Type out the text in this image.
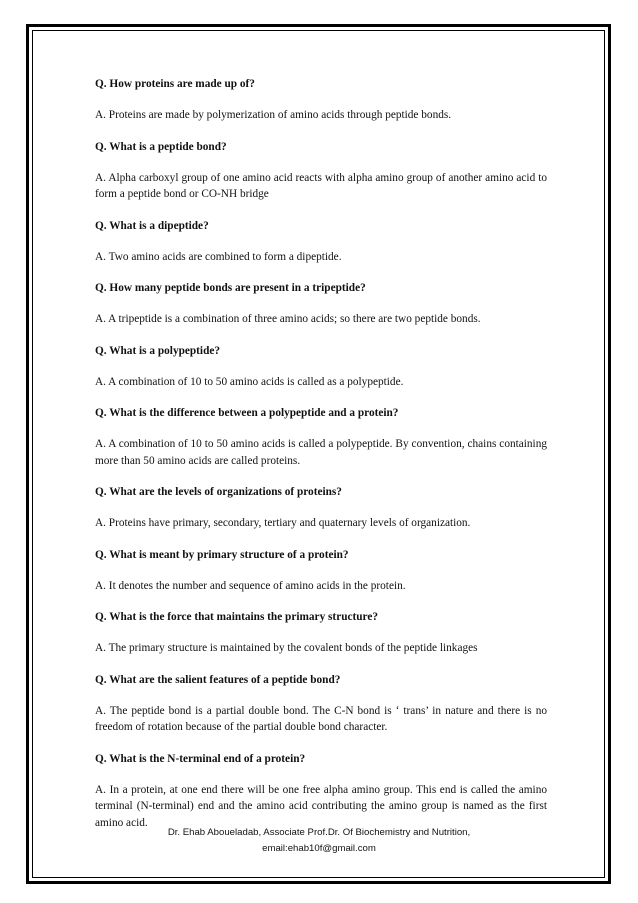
Q. How proteins are made up of?

A. Proteins are made by polymerization of amino acids through peptide bonds.

Q. What is a peptide bond?

A. Alpha carboxyl group of one amino acid reacts with alpha amino group of another amino acid to form a peptide bond or CO-NH bridge

Q. What is a dipeptide?

A. Two amino acids are combined to form a dipeptide.

Q. How many peptide bonds are present in a tripeptide?

A. A tripeptide is a combination of three amino acids; so there are two peptide bonds.

Q. What is a polypeptide?

A. A combination of 10 to 50 amino acids is called as a polypeptide.

Q. What is the difference between a polypeptide and a protein?

A. A combination of 10 to 50 amino acids is called a polypeptide. By convention, chains containing more than 50 amino acids are called proteins.

Q. What are the levels of organizations of proteins?

A. Proteins have primary, secondary, tertiary and quaternary levels of organization.

Q. What is meant by primary structure of a protein?

A. It denotes the number and sequence of amino acids in the protein.

Q. What is the force that maintains the primary structure?

A. The primary structure is maintained by the covalent bonds of the peptide linkages

Q. What are the salient features of a peptide bond?

A. The peptide bond is a partial double bond. The C-N bond is ‘ trans’ in nature and there is no freedom of rotation because of the partial double bond character.

Q. What is the N-terminal end of a protein?

A. In a protein, at one end there will be one free alpha amino group. This end is called the amino terminal (N-terminal) end and the amino acid contributing the amino group is named as the first amino acid.

Dr. Ehab Aboueladab, Associate Prof.Dr. Of Biochemistry and Nutrition,
email:ehab10f@gmail.com
